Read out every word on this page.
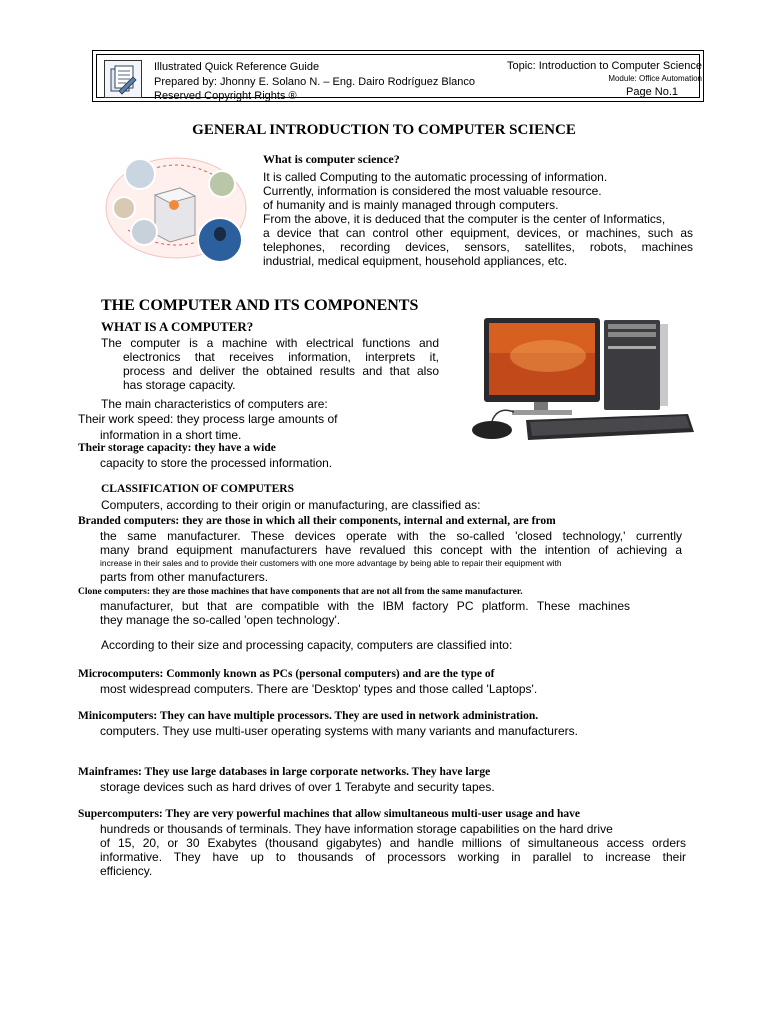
Illustrated Quick Reference Guide
Prepared by: Jhonny E. Solano N. – Eng. Dairo Rodríguez Blanco
Reserved Copyright Rights ®
Topic: Introduction to Computer Science
Module: Office Automation
Page No.1
GENERAL INTRODUCTION TO COMPUTER SCIENCE
What is computer science?
It is called Computing to the automatic processing of information.
Currently, information is considered the most valuable resource.
of humanity and is mainly managed through computers.
From the above, it is deduced that the computer is the center of Informatics,
a device that can control other equipment, devices, or machines, such as
telephones, recording devices, sensors, satellites, robots, machines
industrial, medical equipment, household appliances, etc.
THE COMPUTER AND ITS COMPONENTS
WHAT IS A COMPUTER?
The computer is a machine with electrical functions and
electronics that receives information, interprets it,
process and deliver the obtained results and that also
has storage capacity.
The main characteristics of computers are:
Their work speed: they process large amounts of
information in a short time.
Their storage capacity: they have a wide
capacity to store the processed information.
CLASSIFICATION OF COMPUTERS
Computers, according to their origin or manufacturing, are classified as:
Branded computers: they are those in which all their components, internal and external, are from
the same manufacturer. These devices operate with the so-called 'closed technology,' currently
many brand equipment manufacturers have revalued this concept with the intention of achieving a
increase in their sales and to provide their customers with one more advantage by being able to repair their equipment with
parts from other manufacturers.
Clone computers: they are those machines that have components that are not all from the same manufacturer.
manufacturer, but that are compatible with the IBM factory PC platform. These machines
they manage the so-called 'open technology'.
According to their size and processing capacity, computers are classified into:
Microcomputers: Commonly known as PCs (personal computers) and are the type of
most widespread computers. There are 'Desktop' types and those called 'Laptops'.
Minicomputers: They can have multiple processors. They are used in network administration.
computers. They use multi-user operating systems with many variants and manufacturers.
Mainframes: They use large databases in large corporate networks. They have large
storage devices such as hard drives of over 1 Terabyte and security tapes.
Supercomputers: They are very powerful machines that allow simultaneous multi-user usage and have
hundreds or thousands of terminals. They have information storage capabilities on the hard drive
of 15, 20, or 30 Exabytes (thousand gigabytes) and handle millions of simultaneous access orders
informative. They have up to thousands of processors working in parallel to increase their
efficiency.
